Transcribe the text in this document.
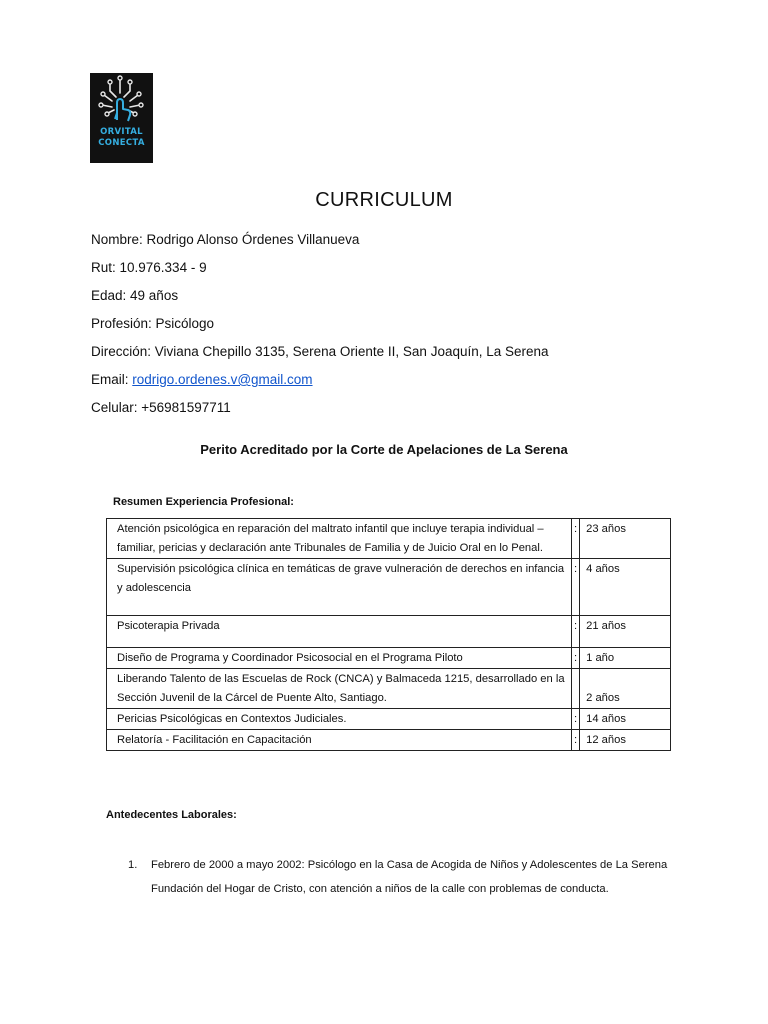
ORVITAL
CONECTA
CURRICULUM
Nombre: Rodrigo Alonso Órdenes Villanueva
Rut: 10.976.334 - 9
Edad: 49 años
Profesión: Psicólogo
Dirección: Viviana Chepillo 3135, Serena Oriente II, San Joaquín, La Serena
Email: rodrigo.ordenes.v@gmail.com
Celular: +56981597711
Perito Acreditado por la Corte de Apelaciones de La Serena
Resumen Experiencia Profesional:
Atención psicológica en reparación del maltrato infantil que incluye terapia individual – familiar, pericias y declaración ante Tribunales de Familia y de Juicio Oral en lo Penal.	:	23 años
Supervisión psicológica clínica en temáticas de grave vulneración de derechos en infancia y adolescencia	:	4 años
Psicoterapia Privada	:	21 años
Diseño de Programa y Coordinador Psicosocial en el Programa Piloto	:	1 año
Liberando Talento de las Escuelas de Rock (CNCA) y Balmaceda 1215, desarrollado en la Sección Juvenil de la Cárcel de Puente Alto, Santiago.		2 años
Pericias Psicológicas en Contextos Judiciales.	:	14 años
Relatoría - Facilitación en Capacitación	:	12 años
Antedecentes Laborales:
1. Febrero de 2000 a mayo 2002: Psicólogo en la Casa de Acogida de Niños y Adolescentes de La Serena Fundación del Hogar de Cristo, con atención a niños de la calle con problemas de conducta.
